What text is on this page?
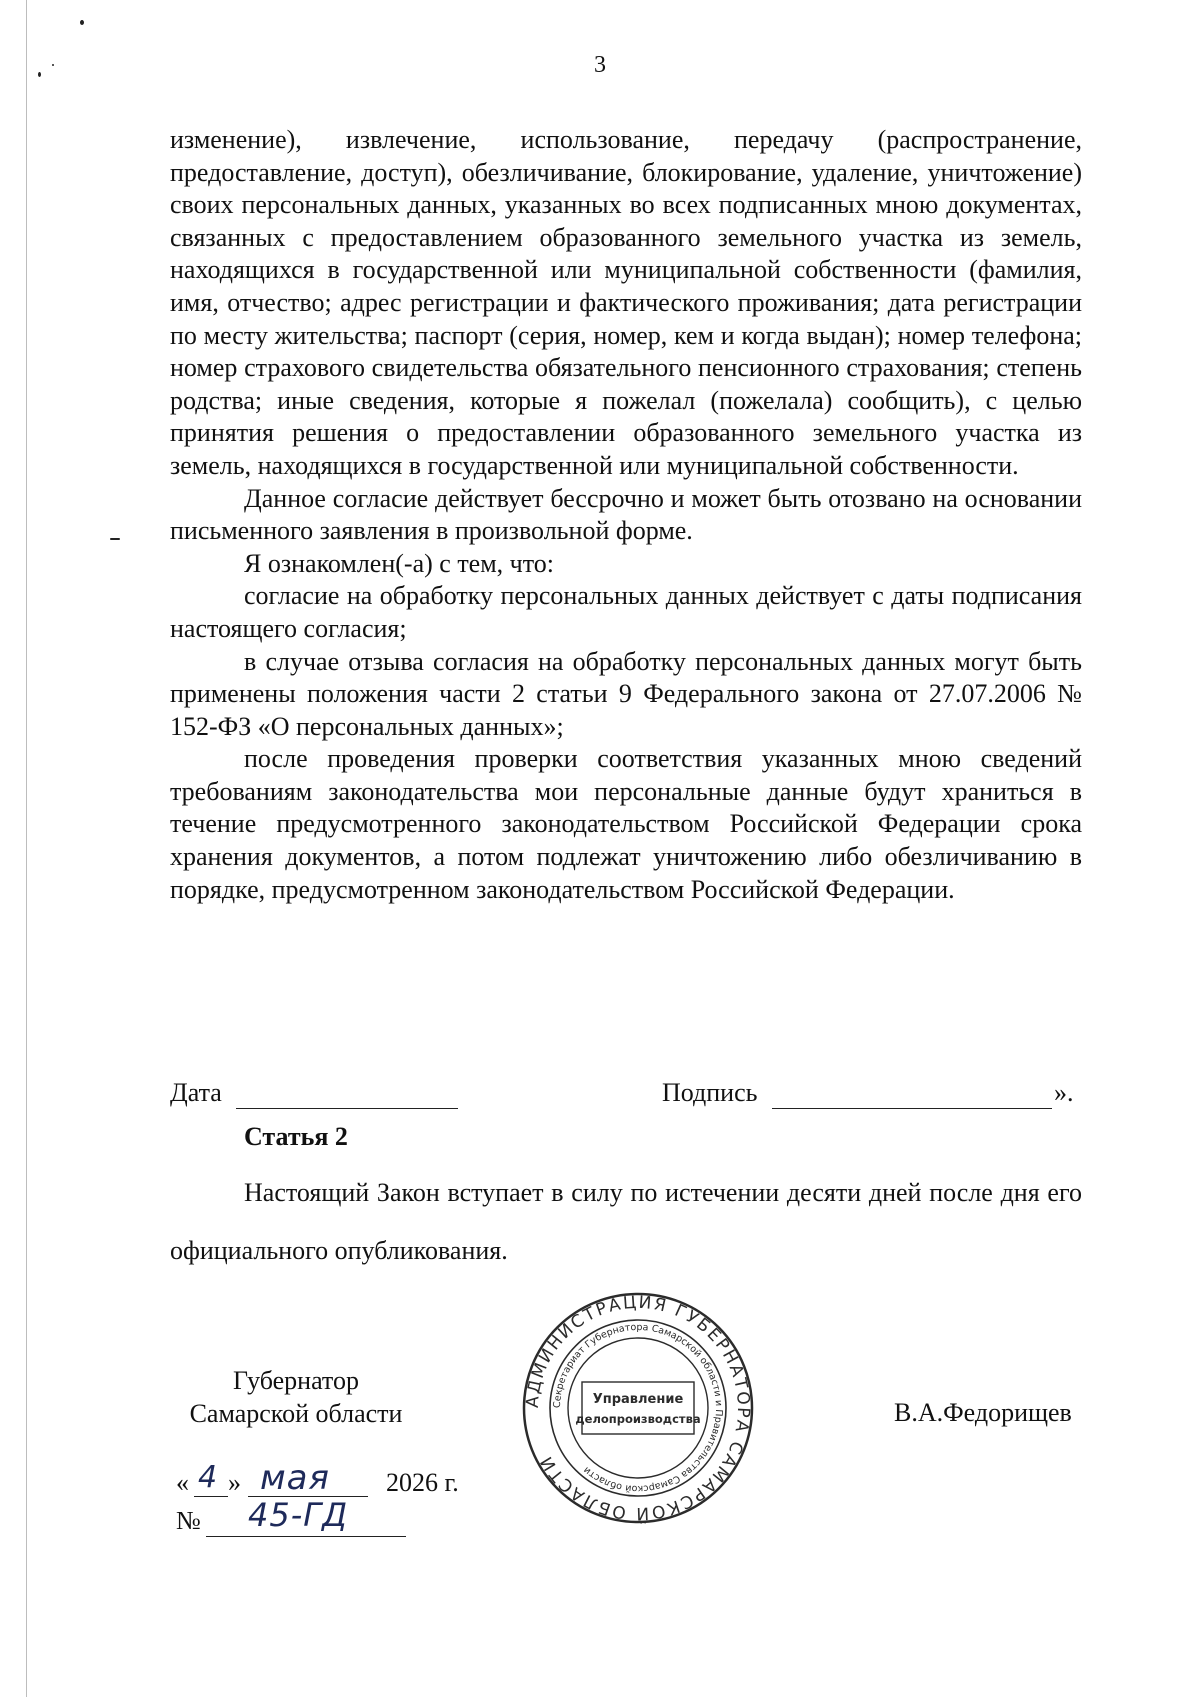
3

изменение), извлечение, использование, передачу (распространение, предоставление, доступ), обезличивание, блокирование, удаление, уничтожение) своих персональных данных, указанных во всех подписанных мною документах, связанных с предоставлением образованного земельного участка из земель, находящихся в государственной или муниципальной собственности (фамилия, имя, отчество; адрес регистрации и фактического проживания; дата регистрации по месту жительства; паспорт (серия, номер, кем и когда выдан); номер телефона; номер страхового свидетельства обязательного пенсионного страхования; степень родства; иные сведения, которые я пожелал (пожелала) сообщить), с целью принятия решения о предоставлении образованного земельного участка из земель, находящихся в государственной или муниципальной собственности.

Данное согласие действует бессрочно и может быть отозвано на основании письменного заявления в произвольной форме.

Я ознакомлен(-а) с тем, что:

согласие на обработку персональных данных действует с даты подписания настоящего согласия;

в случае отзыва согласия на обработку персональных данных могут быть применены положения части 2 статьи 9 Федерального закона от 27.07.2006 № 152-ФЗ «О персональных данных»;

после проведения проверки соответствия указанных мною сведений требованиям законодательства мои персональные данные будут храниться в течение предусмотренного законодательством Российской Федерации срока хранения документов, а потом подлежат уничтожению либо обезличиванию в порядке, предусмотренном законодательством Российской Федерации.

Дата	Подпись	».
Статья 2

Настоящий Закон вступает в силу по истечении десяти дней после дня его официального опубликования.

Губернатор
Самарской области	В.А.Федорищев
« 4 » мая 2026 г.
№ 45-ГД
АДМИНИСТРАЦИЯ ГУБЕРНАТОРА САМАРСКОЙ ОБЛАСТИ
Секретариат Губернатора Самарской области и Правительства Самарской области
Управление
делопроизводства
